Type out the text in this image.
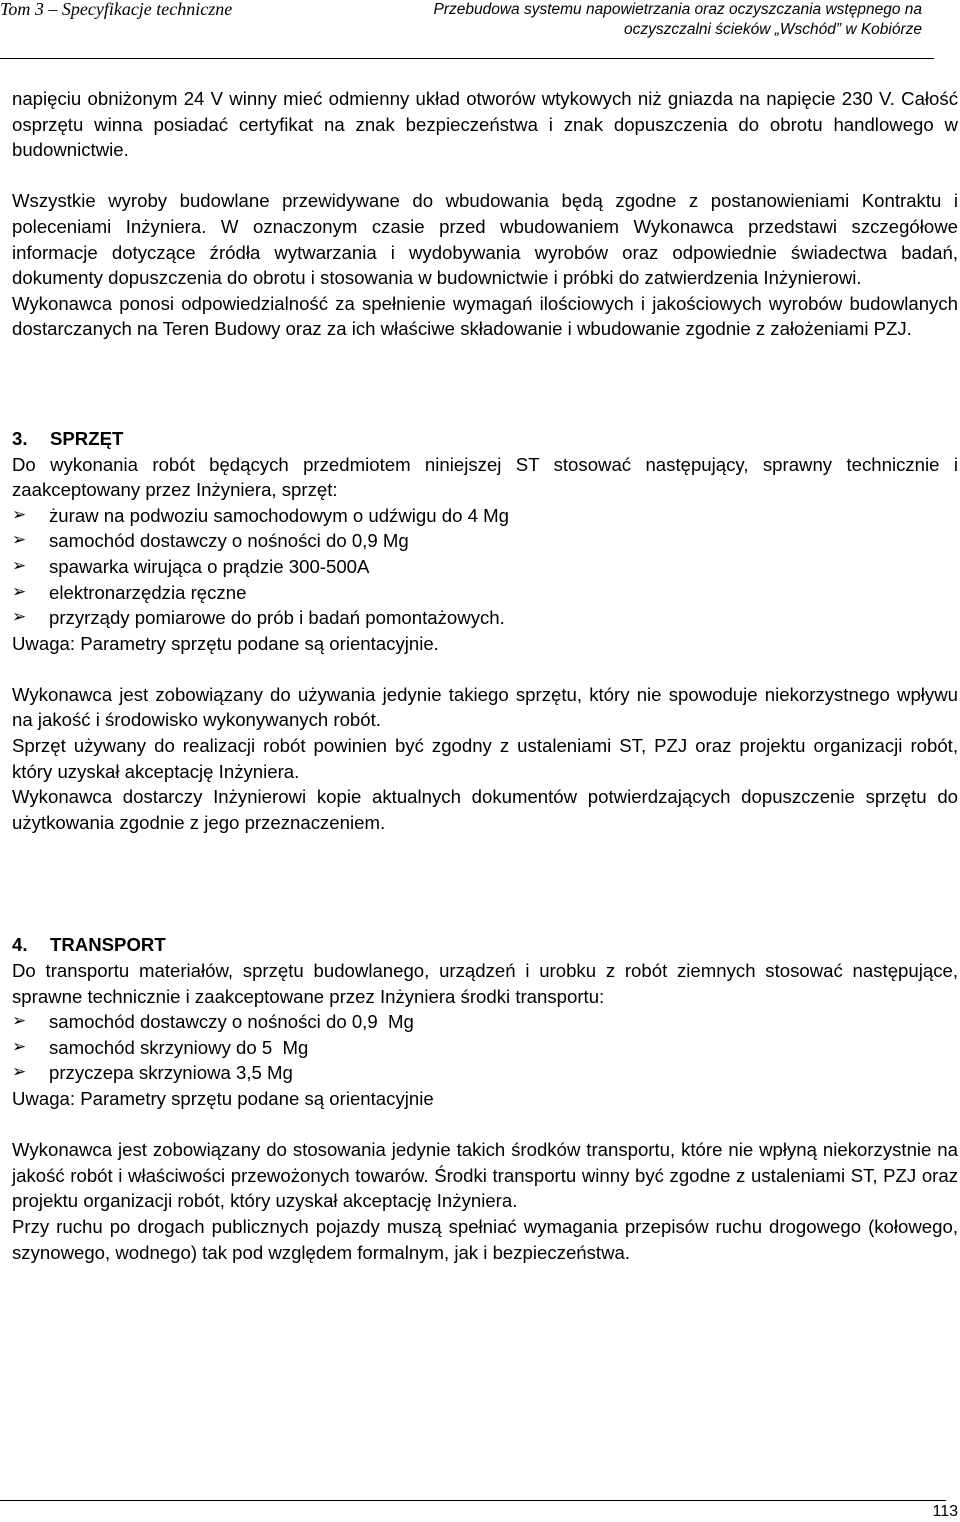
Tom 3 – Specyfikacje techniczne	Przebudowa systemu napowietrzania oraz oczyszczania wstępnego na
oczyszczalni ścieków „Wschód” w Kobiórze

napięciu obniżonym 24 V winny mieć odmienny układ otworów wtykowych niż gniazda na napięcie 230 V. Całość osprzętu winna posiadać certyfikat na znak bezpieczeństwa i znak dopuszczenia do obrotu handlowego w budownictwie.

Wszystkie wyroby budowlane przewidywane do wbudowania będą zgodne z postanowieniami Kontraktu i poleceniami Inżyniera. W oznaczonym czasie przed wbudowaniem Wykonawca przedstawi szczegółowe informacje dotyczące źródła wytwarzania i wydobywania wyrobów oraz odpowiednie świadectwa badań, dokumenty dopuszczenia do obrotu i stosowania w budownictwie i próbki do zatwierdzenia Inżynierowi.

Wykonawca ponosi odpowiedzialność za spełnienie wymagań ilościowych i jakościowych wyrobów budowlanych dostarczanych na Teren Budowy oraz za ich właściwe składowanie i wbudowanie zgodnie z założeniami PZJ.

3. SPRZĘT

Do wykonania robót będących przedmiotem niniejszej ST stosować następujący, sprawny technicznie i zaakceptowany przez Inżyniera, sprzęt:

➢	żuraw na podwoziu samochodowym o udźwigu do 4 Mg
➢	samochód dostawczy o nośności do 0,9 Mg
➢	spawarka wirująca o prądzie 300-500A
➢	elektronarzędzia ręczne
➢	przyrządy pomiarowe do prób i badań pomontażowych.

Uwaga: Parametry sprzętu podane są orientacyjnie.

Wykonawca jest zobowiązany do używania jedynie takiego sprzętu, który nie spowoduje niekorzystnego wpływu na jakość i środowisko wykonywanych robót.

Sprzęt używany do realizacji robót powinien być zgodny z ustaleniami ST, PZJ oraz projektu organizacji robót, który uzyskał akceptację Inżyniera.

Wykonawca dostarczy Inżynierowi kopie aktualnych dokumentów potwierdzających dopuszczenie sprzętu do użytkowania zgodnie z jego przeznaczeniem.

4. TRANSPORT

Do transportu materiałów, sprzętu budowlanego, urządzeń i urobku z robót ziemnych stosować następujące, sprawne technicznie i zaakceptowane przez Inżyniera środki transportu:

➢	samochód dostawczy o nośności do 0,9  Mg
➢	samochód skrzyniowy do 5  Mg
➢	przyczepa skrzyniowa 3,5 Mg

Uwaga: Parametry sprzętu podane są orientacyjnie

Wykonawca jest zobowiązany do stosowania jedynie takich środków transportu, które nie wpłyną niekorzystnie na jakość robót i właściwości przewożonych towarów. Środki transportu winny być zgodne z ustaleniami ST, PZJ oraz projektu organizacji robót, który uzyskał akceptację Inżyniera.

Przy ruchu po drogach publicznych pojazdy muszą spełniać wymagania przepisów ruchu drogowego (kołowego, szynowego, wodnego) tak pod względem formalnym, jak i bezpieczeństwa.

113
